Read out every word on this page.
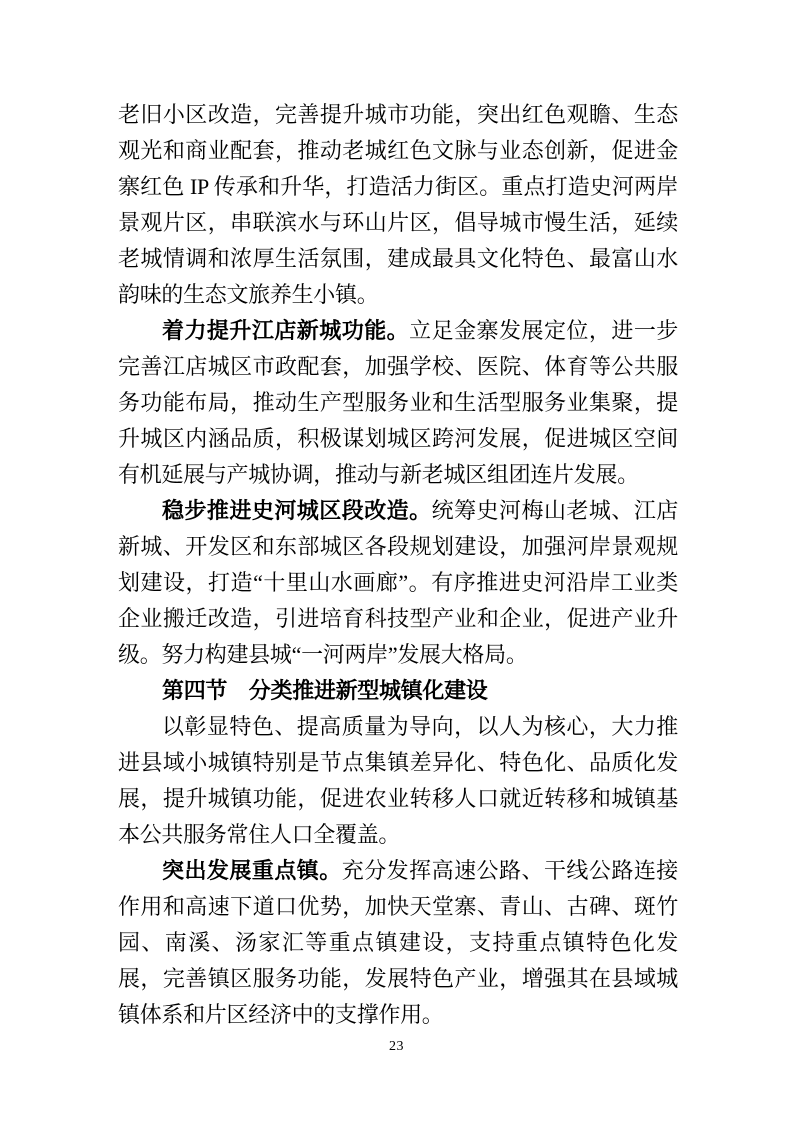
老旧小区改造，完善提升城市功能，突出红色观瞻、生态观光和商业配套，推动老城红色文脉与业态创新，促进金寨红色 IP 传承和升华，打造活力街区。重点打造史河两岸景观片区，串联滨水与环山片区，倡导城市慢生活，延续老城情调和浓厚生活氛围，建成最具文化特色、最富山水韵味的生态文旅养生小镇。

着力提升江店新城功能。立足金寨发展定位，进一步完善江店城区市政配套，加强学校、医院、体育等公共服务功能布局，推动生产型服务业和生活型服务业集聚，提升城区内涵品质，积极谋划城区跨河发展，促进城区空间有机延展与产城协调，推动与新老城区组团连片发展。

稳步推进史河城区段改造。统筹史河梅山老城、江店新城、开发区和东部城区各段规划建设，加强河岸景观规划建设，打造“十里山水画廊”。有序推进史河沿岸工业类企业搬迁改造，引进培育科技型产业和企业，促进产业升级。努力构建县城“一河两岸”发展大格局。

第四节　分类推进新型城镇化建设

以彰显特色、提高质量为导向，以人为核心，大力推进县域小城镇特别是节点集镇差异化、特色化、品质化发展，提升城镇功能，促进农业转移人口就近转移和城镇基本公共服务常住人口全覆盖。

突出发展重点镇。充分发挥高速公路、干线公路连接作用和高速下道口优势，加快天堂寨、青山、古碑、斑竹园、南溪、汤家汇等重点镇建设，支持重点镇特色化发展，完善镇区服务功能，发展特色产业，增强其在县域城镇体系和片区经济中的支撑作用。

23
